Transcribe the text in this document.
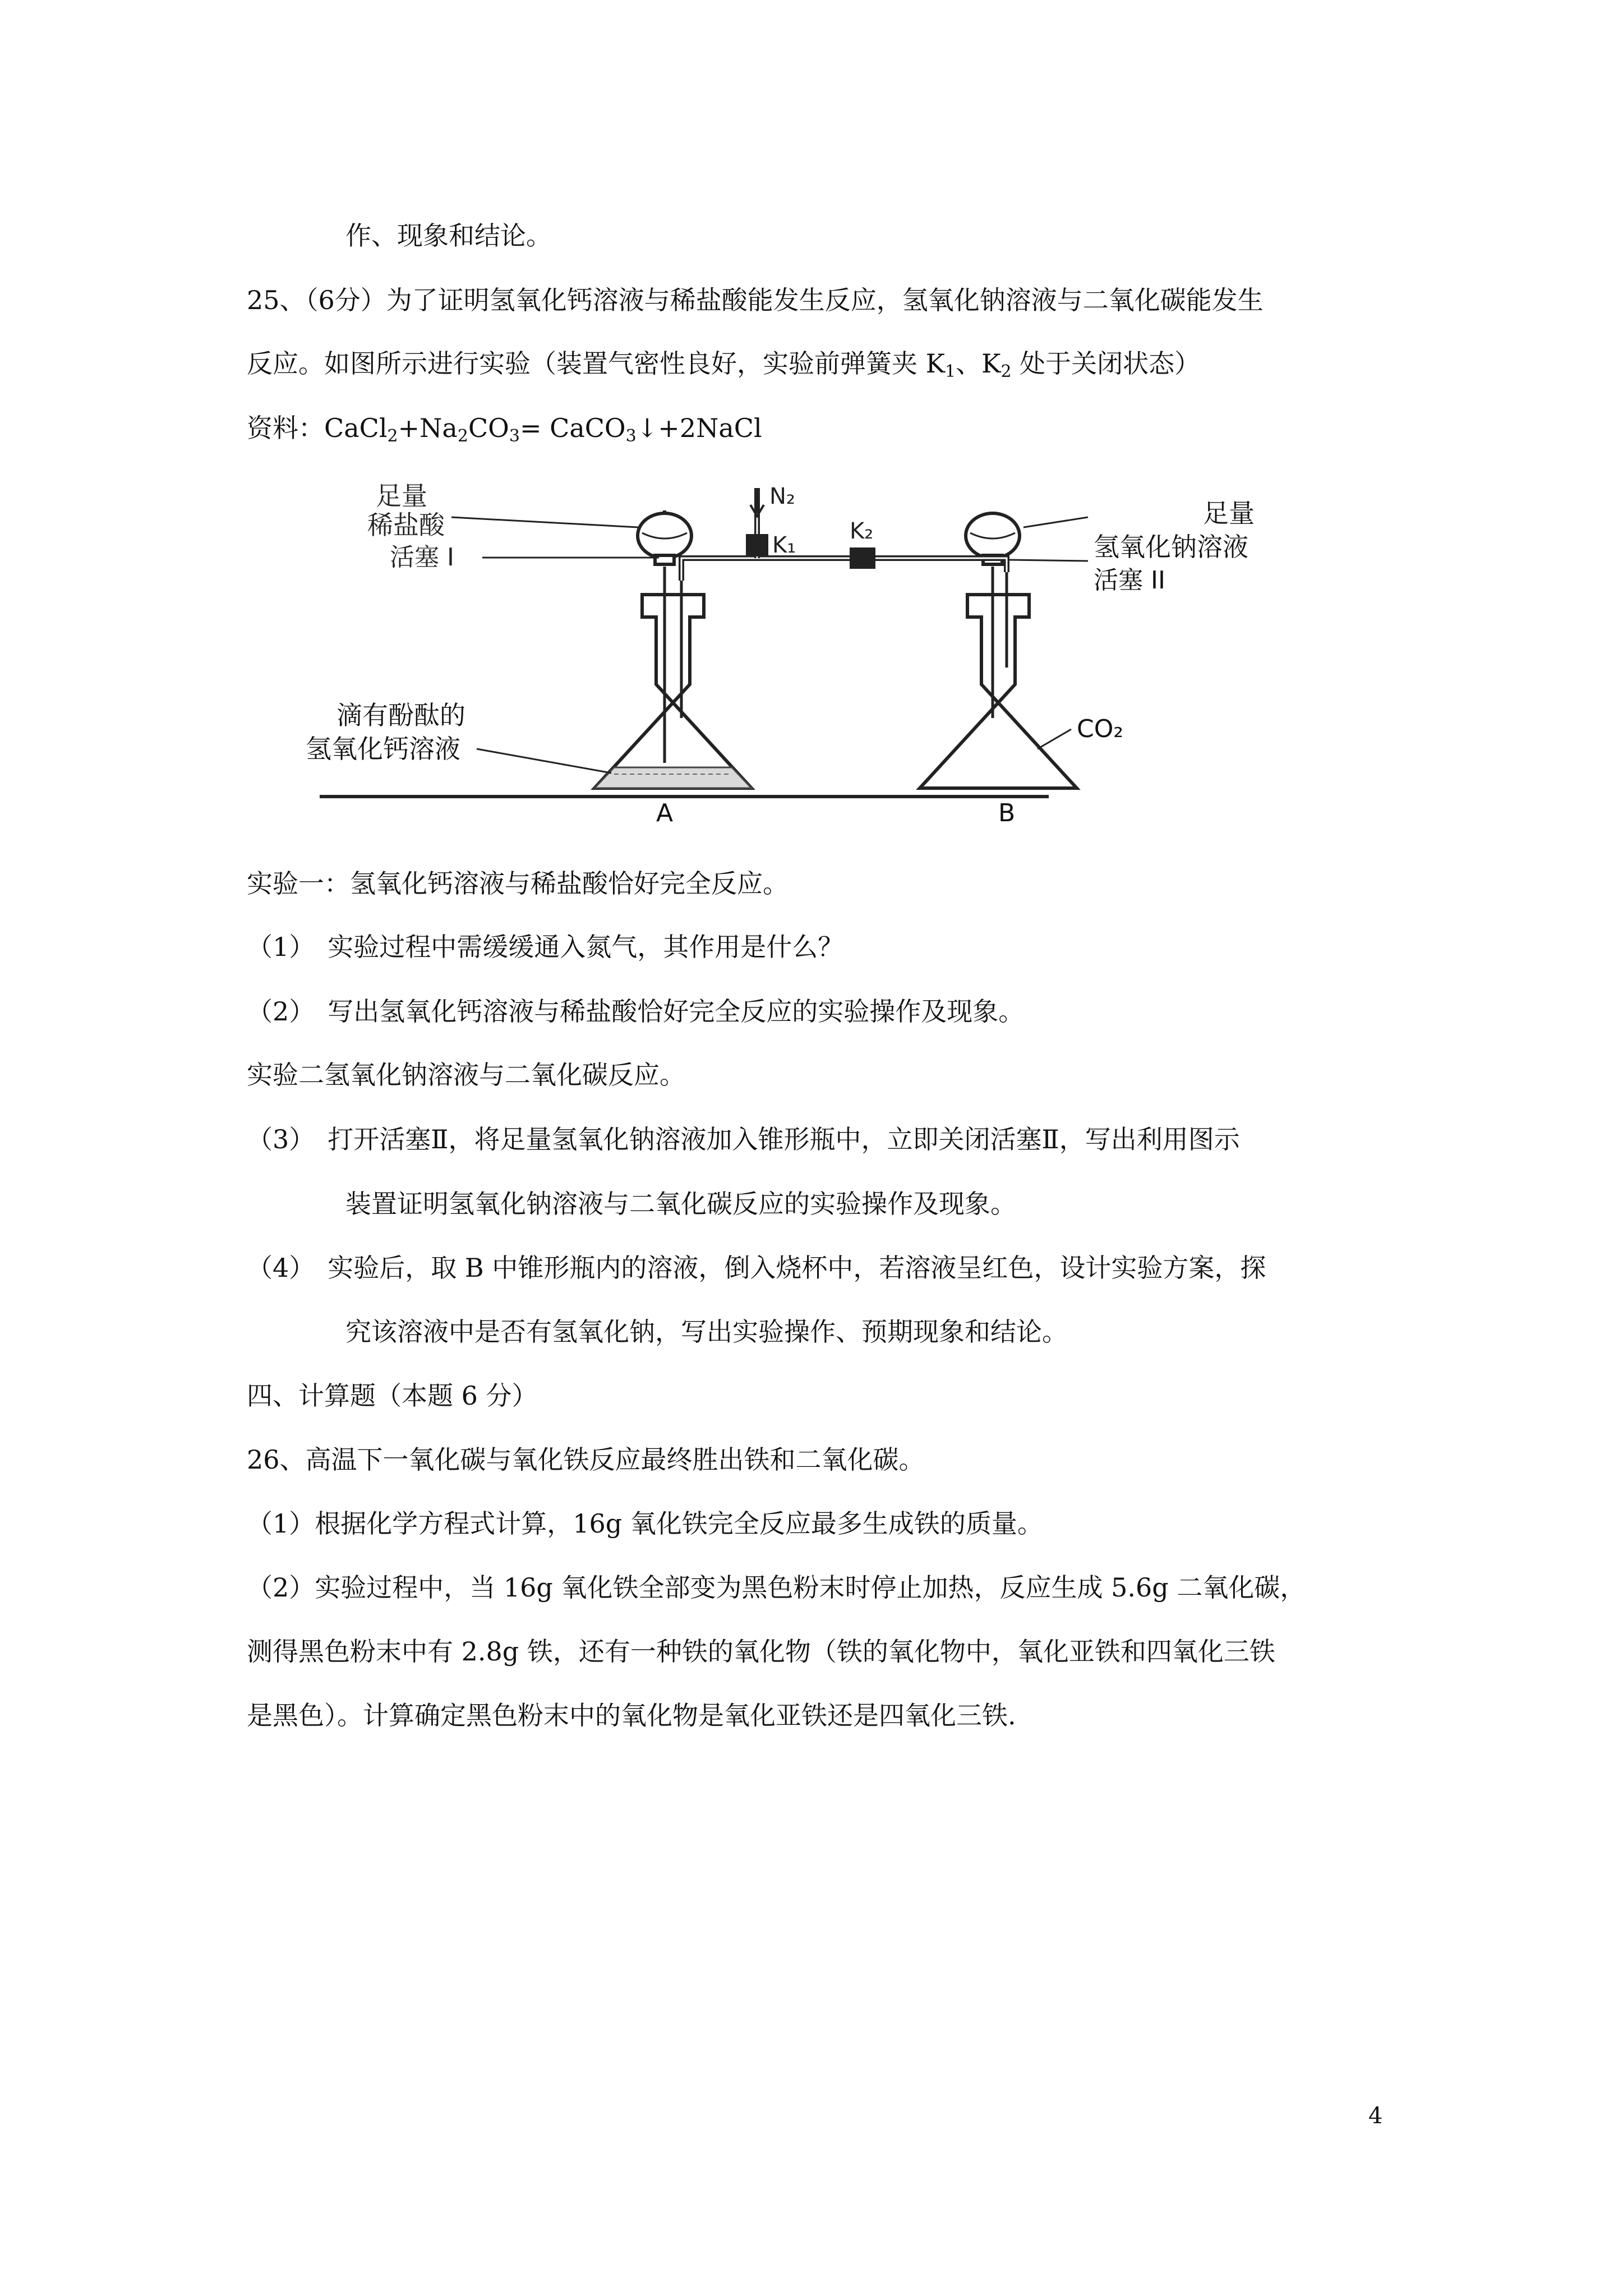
作、现象和结论。
25、（6分）为了证明氢氧化钙溶液与稀盐酸能发生反应，氢氧化钠溶液与二氧化碳能发生
反应。如图所示进行实验（装置气密性良好，实验前弹簧夹 $K_1$、$K_2$ 处于关闭状态）
资料：$CaCl_2+Na_2CO_3=$ CaCO$_3$↓+2NaCl
足量
稀盐酸
活塞 I
N₂
K₁
K₂
足量
氢氧化钠溶液
活塞 II
滴有酚酞的
氢氧化钙溶液
CO₂
A	B
实验一：氢氧化钙溶液与稀盐酸恰好完全反应。
（1）　实验过程中需缓缓通入氮气，其作用是什么？
（2）　写出氢氧化钙溶液与稀盐酸恰好完全反应的实验操作及现象。
实验二氢氧化钠溶液与二氧化碳反应。
（3）　打开活塞Ⅱ，将足量氢氧化钠溶液加入锥形瓶中，立即关闭活塞Ⅱ，写出利用图示
装置证明氢氧化钠溶液与二氧化碳反应的实验操作及现象。
（4）　实验后，取 B 中锥形瓶内的溶液，倒入烧杯中，若溶液呈红色，设计实验方案，探
究该溶液中是否有氢氧化钠，写出实验操作、预期现象和结论。
四、计算题（本题 6 分）
26、高温下一氧化碳与氧化铁反应最终胜出铁和二氧化碳。
（1）根据化学方程式计算，16g 氧化铁完全反应最多生成铁的质量。
（2）实验过程中，当 16g 氧化铁全部变为黑色粉末时停止加热，反应生成 5.6g 二氧化碳，
测得黑色粉末中有 2.8g 铁，还有一种铁的氧化物（铁的氧化物中，氧化亚铁和四氧化三铁
是黑色）。计算确定黑色粉末中的氧化物是氧化亚铁还是四氧化三铁.
4
